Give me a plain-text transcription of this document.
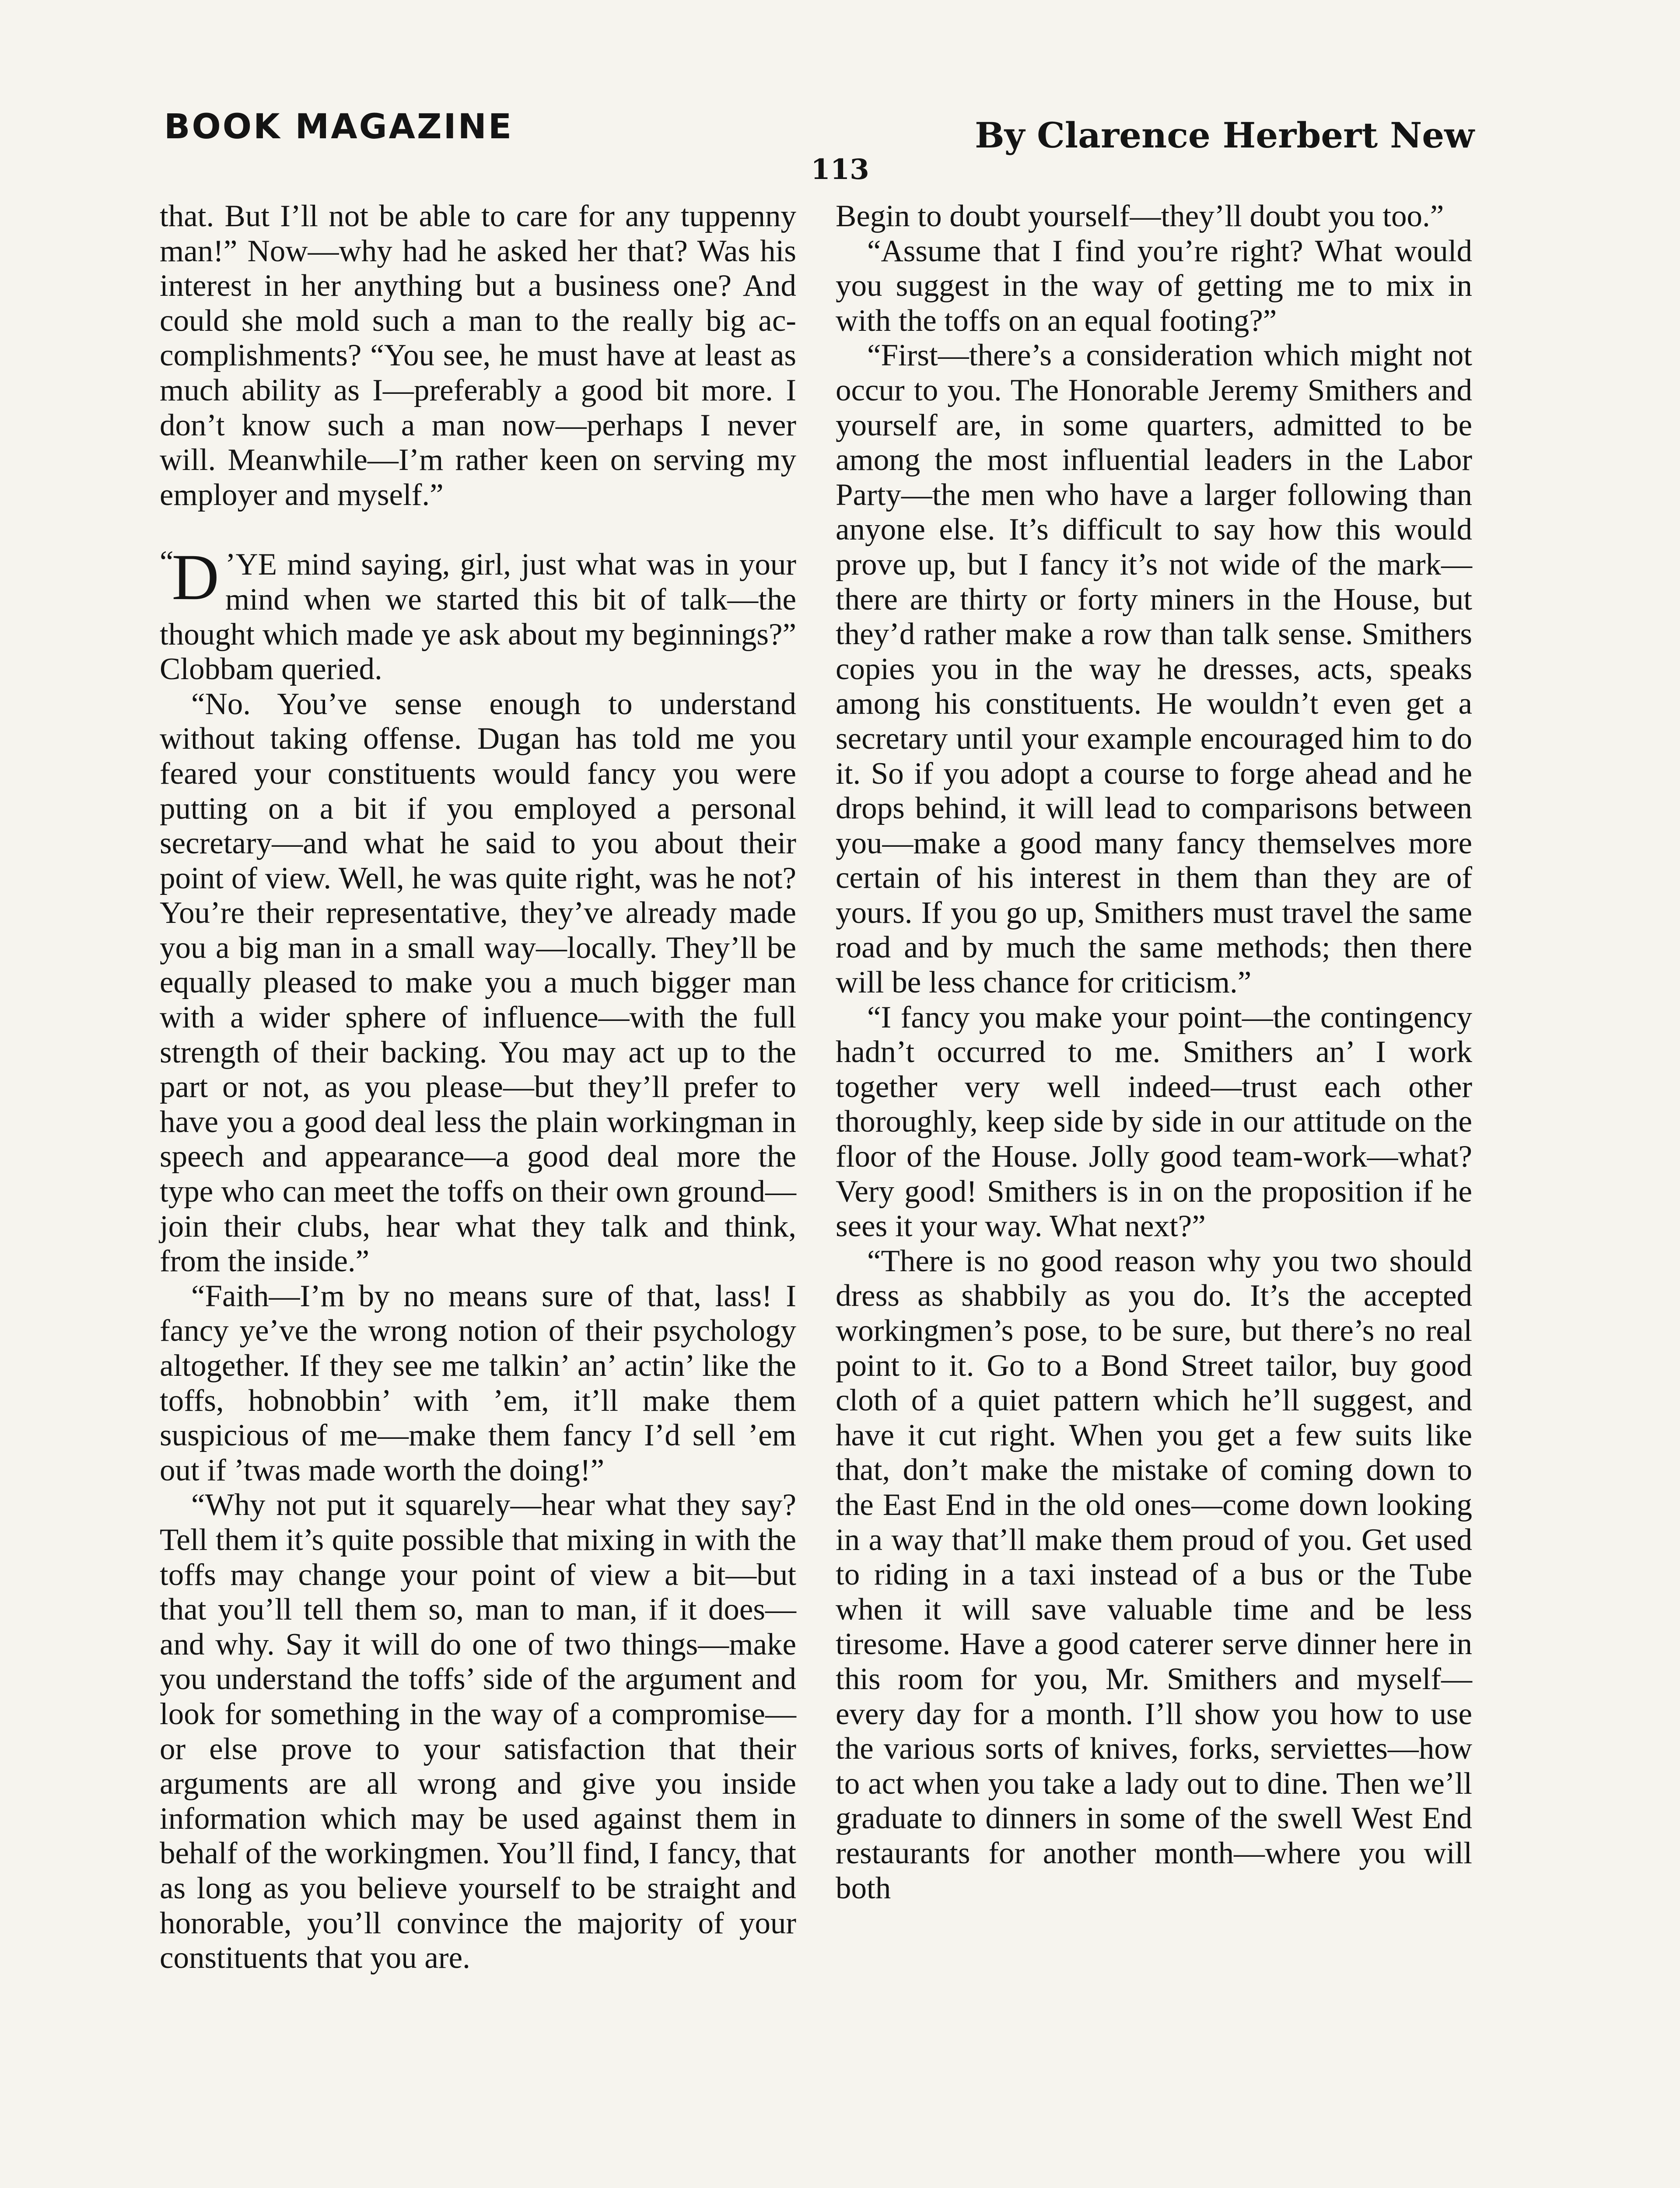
BOOK MAGAZINE	By Clarence Herbert New
113

that. But I’ll not be able to care for any tuppenny man!” Now—why had he asked her that? Was his interest in her anything but a business one? And could she mold such a man to the really big accomplishments? “You see, he must have at least as much ability as I—preferably a good bit more. I don’t know such a man now—perhaps I never will. Meanwhile—I’m rather keen on serving my employer and myself.”

“
D ’YE mind saying, girl, just what was in your mind when we started this bit of talk—the thought which made ye ask about my beginnings?” Clobbam queried.

“No. You’ve sense enough to understand without taking offense. Dugan has told me you feared your constituents would fancy you were putting on a bit if you employed a personal secretary—and what he said to you about their point of view. Well, he was quite right, was he not? You’re their representative, they’ve already made you a big man in a small way—locally. They’ll be equally pleased to make you a much bigger man with a wider sphere of influence—with the full strength of their backing. You may act up to the part or not, as you please—but they’ll prefer to have you a good deal less the plain workingman in speech and appearance—a good deal more the type who can meet the toffs on their own ground—join their clubs, hear what they talk and think, from the inside.”

“Faith—I’m by no means sure of that, lass! I fancy ye’ve the wrong notion of their psychology altogether. If they see me talkin’ an’ actin’ like the toffs, hobnobbin’ with ’em, it’ll make them suspicious of me—make them fancy I’d sell ’em out if ’twas made worth the doing!”

“Why not put it squarely—hear what they say? Tell them it’s quite possible that mixing in with the toffs may change your point of view a bit—but that you’ll tell them so, man to man, if it does—and why. Say it will do one of two things—make you understand the toffs’ side of the argument and look for something in the way of a compromise—or else prove to your satisfaction that their arguments are all wrong and give you inside information which may be used against them in behalf of the workingmen. You’ll find, I fancy, that as long as you believe yourself to be straight and honorable, you’ll convince the majority of your constituents that you are.

Begin to doubt yourself—they’ll doubt you too.”

“Assume that I find you’re right? What would you suggest in the way of getting me to mix in with the toffs on an equal footing?”

“First—there’s a consideration which might not occur to you. The Honorable Jeremy Smithers and yourself are, in some quarters, admitted to be among the most influential leaders in the Labor Party—the men who have a larger following than anyone else. It’s difficult to say how this would prove up, but I fancy it’s not wide of the mark—there are thirty or forty miners in the House, but they’d rather make a row than talk sense. Smithers copies you in the way he dresses, acts, speaks among his constituents. He wouldn’t even get a secretary until your example encouraged him to do it. So if you adopt a course to forge ahead and he drops behind, it will lead to comparisons between you—make a good many fancy themselves more certain of his interest in them than they are of yours. If you go up, Smithers must travel the same road and by much the same methods; then there will be less chance for criticism.”

“I fancy you make your point—the contingency hadn’t occurred to me. Smithers an’ I work together very well indeed—trust each other thoroughly, keep side by side in our attitude on the floor of the House. Jolly good team-work—what? Very good! Smithers is in on the proposition if he sees it your way. What next?”

“There is no good reason why you two should dress as shabbily as you do. It’s the accepted workingmen’s pose, to be sure, but there’s no real point to it. Go to a Bond Street tailor, buy good cloth of a quiet pattern which he’ll suggest, and have it cut right. When you get a few suits like that, don’t make the mistake of coming down to the East End in the old ones—come down looking in a way that’ll make them proud of you. Get used to riding in a taxi instead of a bus or the Tube when it will save valuable time and be less tiresome. Have a good caterer serve dinner here in this room for you, Mr. Smithers and myself—every day for a month. I’ll show you how to use the various sorts of knives, forks, serviettes—how to act when you take a lady out to dine. Then we’ll graduate to dinners in some of the swell West End restaurants for another month—where you will both
